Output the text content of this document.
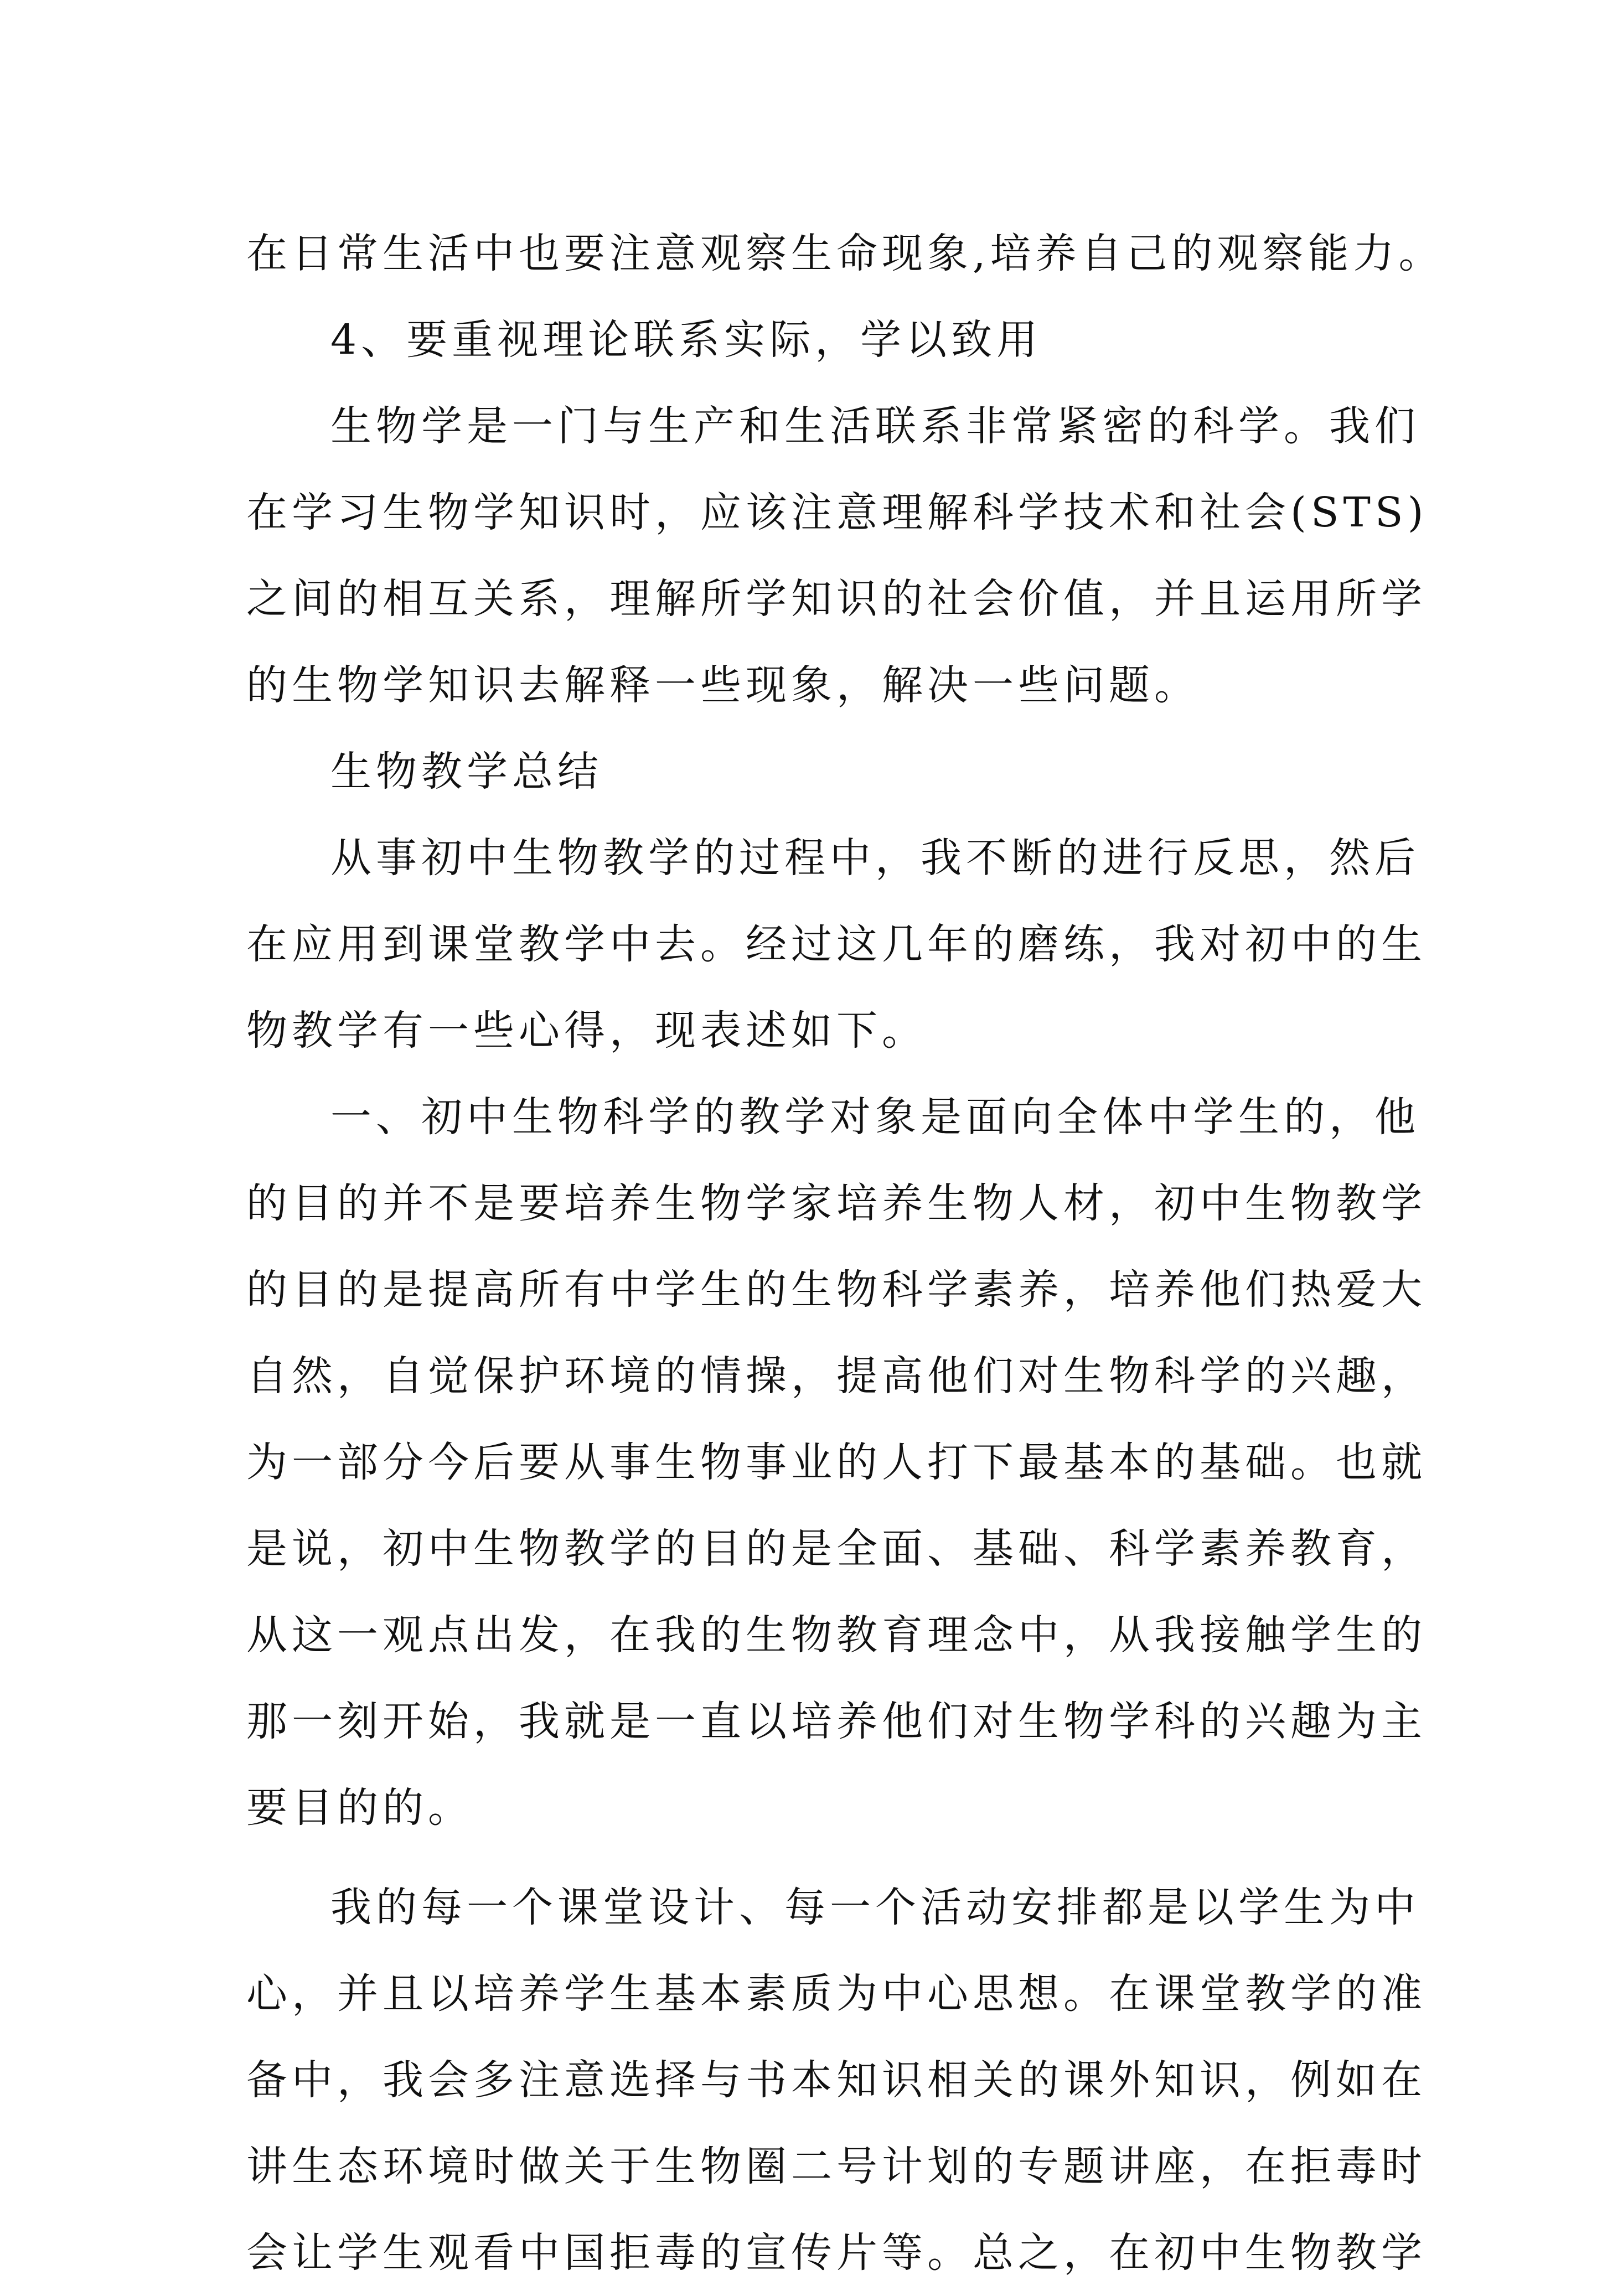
在日常生活中也要注意观察生命现象,培养自己的观察能力。
4、要重视理论联系实际，学以致用
生物学是一门与生产和生活联系非常紧密的科学。我们
在学习生物学知识时，应该注意理解科学技术和社会(STS)
之间的相互关系，理解所学知识的社会价值，并且运用所学
的生物学知识去解释一些现象，解决一些问题。
生物教学总结
从事初中生物教学的过程中，我不断的进行反思，然后
在应用到课堂教学中去。经过这几年的磨练，我对初中的生
物教学有一些心得，现表述如下。
一、初中生物科学的教学对象是面向全体中学生的，他
的目的并不是要培养生物学家培养生物人材，初中生物教学
的目的是提高所有中学生的生物科学素养，培养他们热爱大
自然，自觉保护环境的情操，提高他们对生物科学的兴趣，
为一部分今后要从事生物事业的人打下最基本的基础。也就
是说，初中生物教学的目的是全面、基础、科学素养教育，
从这一观点出发，在我的生物教育理念中，从我接触学生的
那一刻开始，我就是一直以培养他们对生物学科的兴趣为主
要目的的。
我的每一个课堂设计、每一个活动安排都是以学生为中
心，并且以培养学生基本素质为中心思想。在课堂教学的准
备中，我会多注意选择与书本知识相关的课外知识，例如在
讲生态环境时做关于生物圈二号计划的专题讲座，在拒毒时
会让学生观看中国拒毒的宣传片等。总之，在初中生物教学
